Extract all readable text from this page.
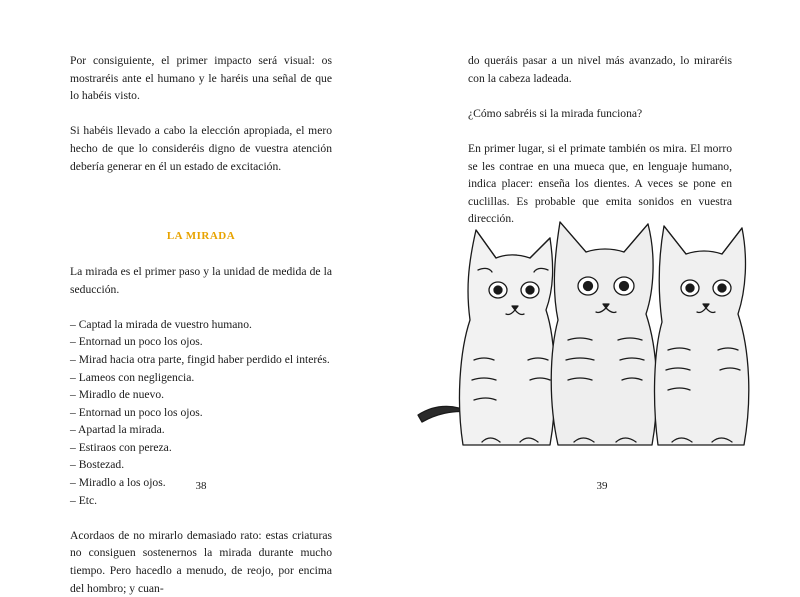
Por consiguiente, el primer impacto será visual: os mostraréis ante el humano y le haréis una señal de que lo habéis visto.

Si habéis llevado a cabo la elección apropiada, el mero hecho de que lo consideréis digno de vuestra atención debería generar en él un estado de excitación.

LA MIRADA

La mirada es el primer paso y la unidad de medida de la seducción.

– Captad la mirada de vuestro humano.
– Entornad un poco los ojos.
– Mirad hacia otra parte, fingid haber perdido el interés.
– Lameos con negligencia.
– Miradlo de nuevo.
– Entornad un poco los ojos.
– Apartad la mirada.
– Estiraos con pereza.
– Bostezad.
– Miradlo a los ojos.
– Etc.

Acordaos de no mirarlo demasiado rato: estas criaturas no consiguen sostenernos la mirada durante mucho tiempo. Pero hacedlo a menudo, de reojo, por encima del hombro; y cuan-

38

do queráis pasar a un nivel más avanzado, lo miraréis con la cabeza ladeada.

¿Cómo sabréis si la mirada funciona?

En primer lugar, si el primate también os mira. El morro se les contrae en una mueca que, en lenguaje humano, indica placer: enseña los dientes. A veces se pone en cuclillas. Es probable que emita sonidos en vuestra dirección.

39
